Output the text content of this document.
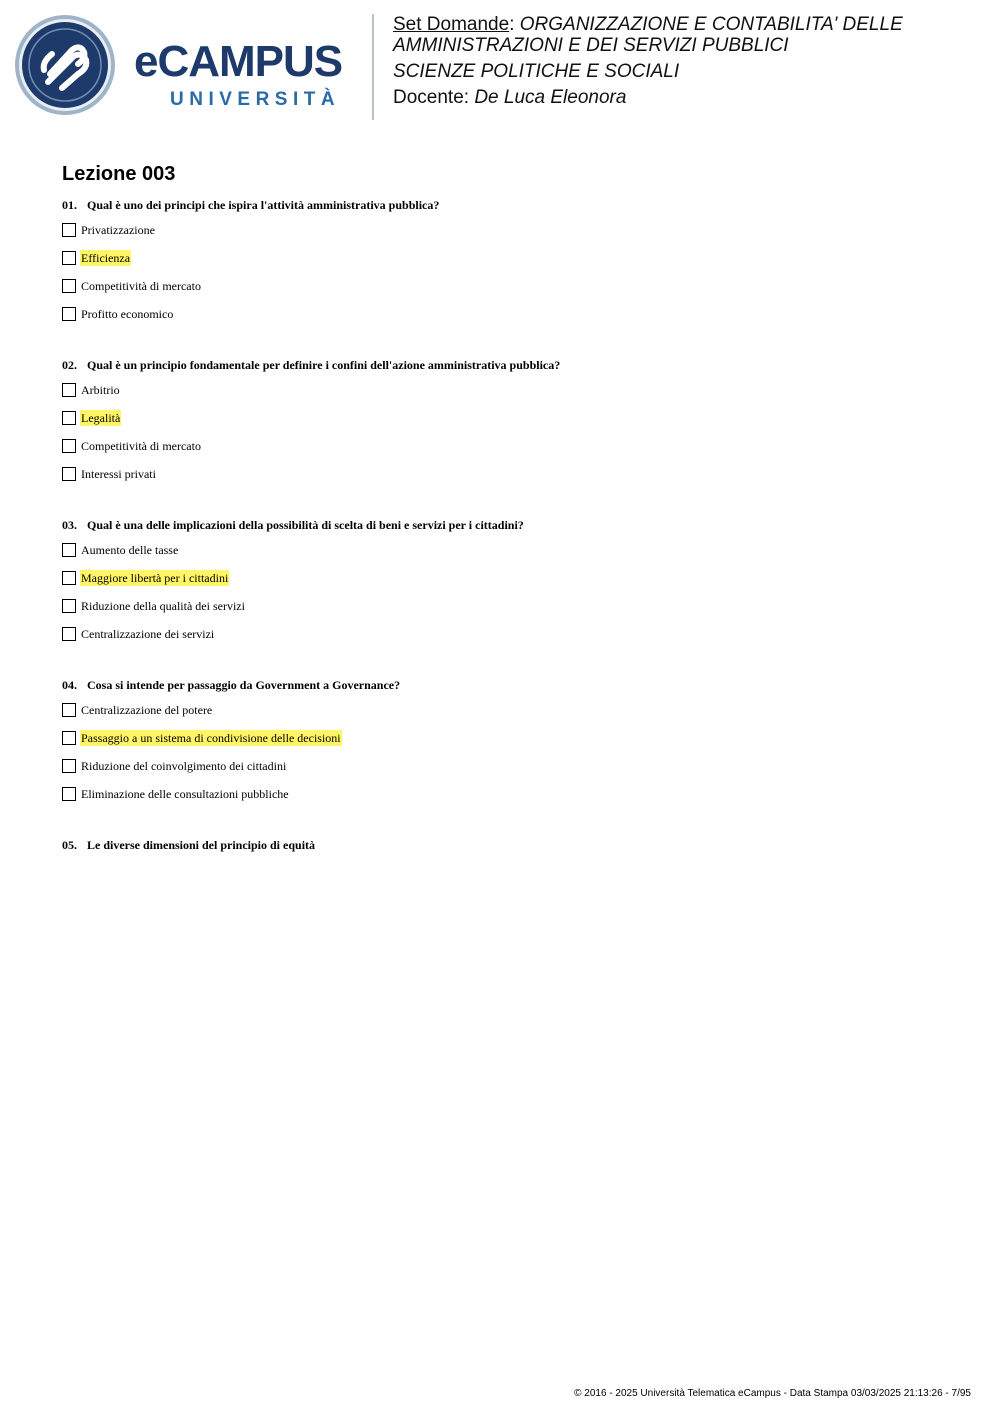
eCAMPUS
UNIVERSITÀ
Set Domande: ORGANIZZAZIONE E CONTABILITA' DELLE AMMINISTRAZIONI E DEI SERVIZI PUBBLICI
SCIENZE POLITICHE E SOCIALI
Docente: De Luca Eleonora
Lezione 003
01. Qual è uno dei principi che ispira l'attività amministrativa pubblica?
Privatizzazione
Efficienza
Competitività di mercato
Profitto economico
02. Qual è un principio fondamentale per definire i confini dell'azione amministrativa pubblica?
Arbitrio
Legalità
Competitività di mercato
Interessi privati
03. Qual è una delle implicazioni della possibilità di scelta di beni e servizi per i cittadini?
Aumento delle tasse
Maggiore libertà per i cittadini
Riduzione della qualità dei servizi
Centralizzazione dei servizi
04. Cosa si intende per passaggio da Government a Governance?
Centralizzazione del potere
Passaggio a un sistema di condivisione delle decisioni
Riduzione del coinvolgimento dei cittadini
Eliminazione delle consultazioni pubbliche
05. Le diverse dimensioni del principio di equità
© 2016 - 2025 Università Telematica eCampus - Data Stampa 03/03/2025 21:13:26 - 7/95
